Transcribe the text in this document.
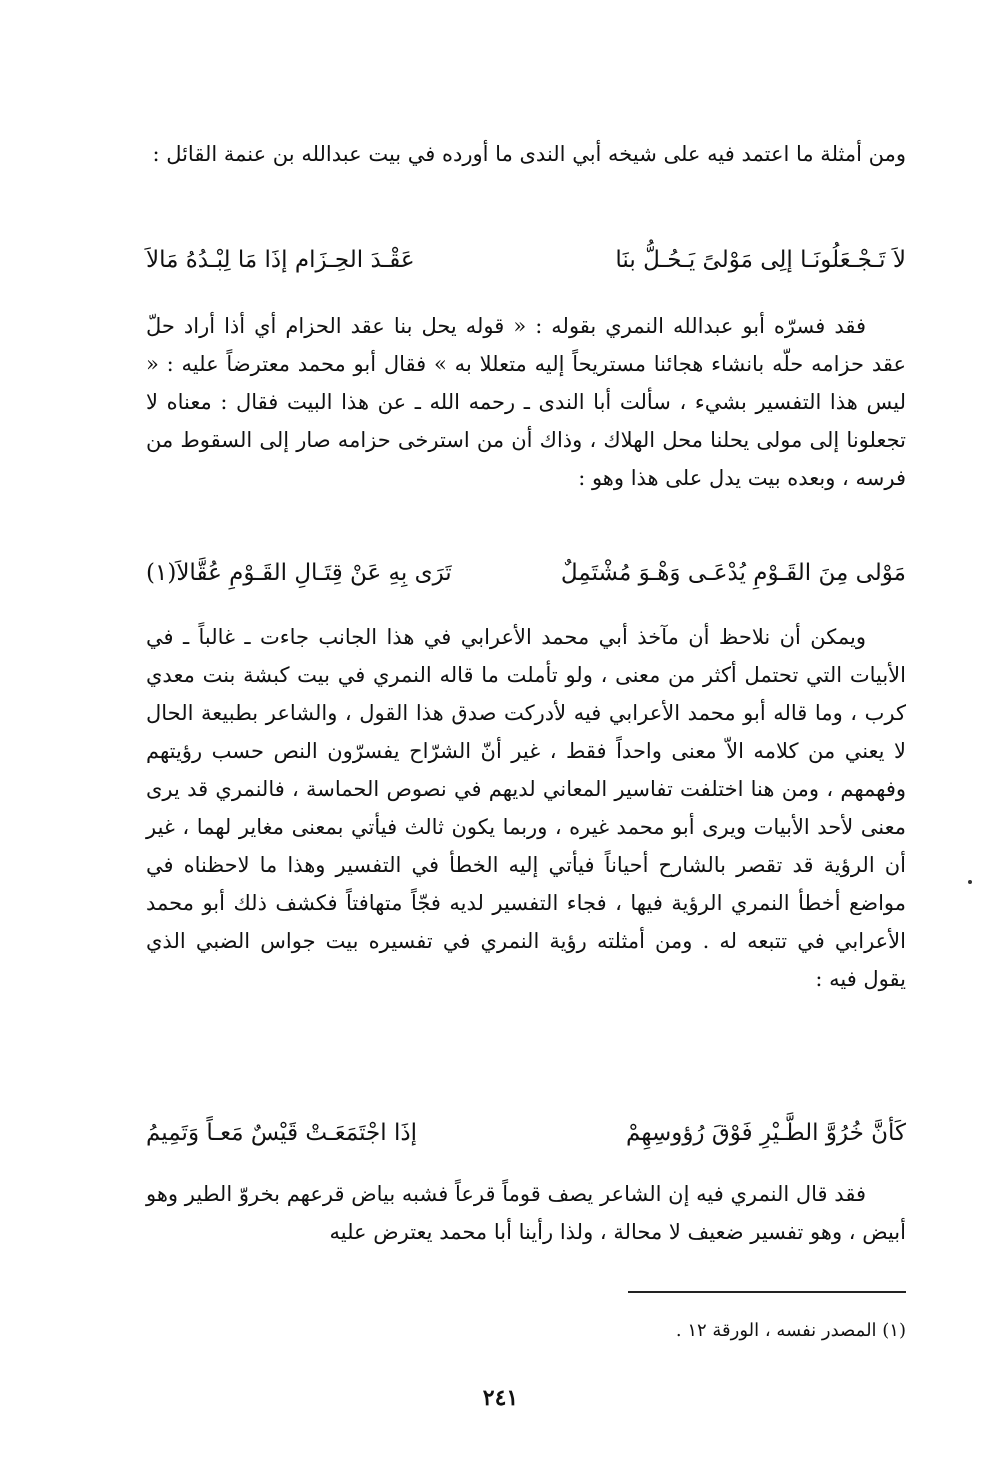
ومن أمثلة ما اعتمد فيه على شيخه أبي الندى ما أورده في بيت عبدالله بن عنمة القائل :

لاَ تَـجْـعَلُونَـا إلِى مَوْلىً يَـحُـلُّ بنَا
عَقْـدَ الحِـزَام إذَا مَا لِبْـدُهُ مَالاَ

فقد فسرّه أبو عبدالله النمري بقوله : « قوله يحل بنا عقد الحزام أي أذا أراد حلّ عقد حزامه حلّه بانشاء هجائنا مستريحاً إليه متعللا به » فقال أبو محمد معترضاً عليه : « ليس هذا التفسير بشيء ، سألت أبا الندى ـ رحمه الله ـ عن هذا البيت فقال : معناه لا تجعلونا إلى مولى يحلنا محل الهلاك ، وذاك أن من استرخى حزامه صار إلى السقوط من فرسه ، وبعده بيت يدل على هذا وهو :

مَوْلى مِنَ القَـوْمِ يُدْعَـى وَهْـوَ مُشْتَمِلٌ
تَرَى بِهِ عَنْ قِتَـالِ القَـوْمِ عُقَّالاَ(١)

ويمكن أن نلاحظ أن مآخذ أبي محمد الأعرابي في هذا الجانب جاءت ـ غالباً ـ في الأبيات التي تحتمل أكثر من معنى ، ولو تأملت ما قاله النمري في بيت كبشة بنت معدي كرب ، وما قاله أبو محمد الأعرابي فيه لأدركت صدق هذا القول ، والشاعر بطبيعة الحال لا يعني من كلامه الاّ معنى واحداً فقط ، غير أنّ الشرّاح يفسرّون النص حسب رؤيتهم وفهمهم ، ومن هنا اختلفت تفاسير المعاني لديهم في نصوص الحماسة ، فالنمري قد يرى معنى لأحد الأبيات ويرى أبو محمد غيره ، وربما يكون ثالث فيأتي بمعنى مغاير لهما ، غير أن الرؤية قد تقصر بالشارح أحياناً فيأتي إليه الخطأ في التفسير وهذا ما لاحظناه في مواضع أخطأ النمري الرؤية فيها ، فجاء التفسير لديه فجّاً متهافتاً فكشف ذلك أبو محمد الأعرابي في تتبعه له . ومن أمثلته رؤية النمري في تفسيره بيت جواس الضبي الذي يقول فيه :

كَأنَّ خُرُوَّ الطَّـيْرِ فَوْقَ رُؤوسِهِمْ
إذَا اجْتَمَعَـتْ قَيْسٌ مَعـاً وَتَمِيمُ

فقد قال النمري فيه إن الشاعر يصف قوماً قرعاً فشبه بياض قرعهم بخروّ الطير وهو أبيض ، وهو تفسير ضعيف لا محالة ، ولذا رأينا أبا محمد يعترض عليه

(١) المصدر نفسه ، الورقة ١٢ .
٢٤١
